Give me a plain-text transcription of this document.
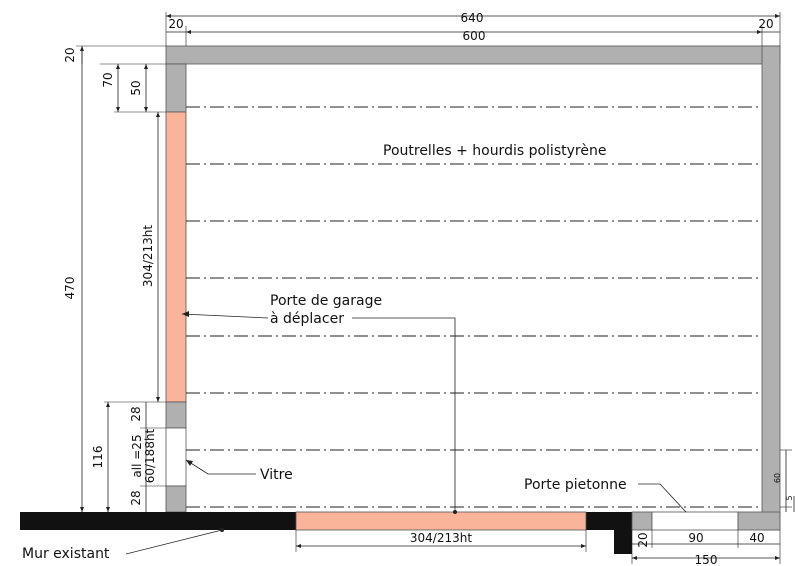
640
600
20	20
20
70
50
470
304/213ht
116
28
28
all =25 60/188ht
304/213ht	20	90	40
150
60
5
Poutrelles + hourdis polistyrène
Porte de garage
à déplacer
Vitre
Porte pietonne
Mur existant
